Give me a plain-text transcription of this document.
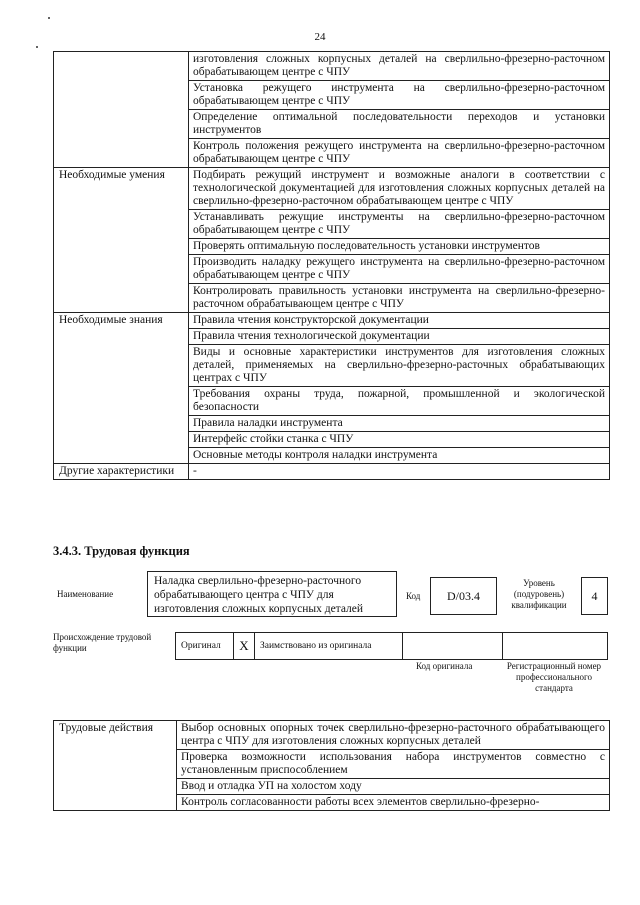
24
	изготовления сложных корпусных деталей на сверлильно-фрезерно-расточном обрабатывающем центре с ЧПУ
	Установка режущего инструмента на сверлильно-фрезерно-расточном обрабатывающем центре с ЧПУ
	Определение оптимальной последовательности переходов и установки инструментов
	Контроль положения режущего инструмента на сверлильно-фрезерно-расточном обрабатывающем центре с ЧПУ
Необходимые умения	Подбирать режущий инструмент и возможные аналоги в соответствии с технологической документацией для изготовления сложных корпусных деталей на сверлильно-фрезерно-расточном обрабатывающем центре с ЧПУ
	Устанавливать режущие инструменты на сверлильно-фрезерно-расточном обрабатывающем центре с ЧПУ
	Проверять оптимальную последовательность установки инструментов
	Производить наладку режущего инструмента на сверлильно-фрезерно-расточном обрабатывающем центре с ЧПУ
	Контролировать правильность установки инструмента на сверлильно-фрезерно-расточном обрабатывающем центре с ЧПУ
Необходимые знания	Правила чтения конструкторской документации
	Правила чтения технологической документации
	Виды и основные характеристики инструментов для изготовления сложных деталей, применяемых на сверлильно-фрезерно-расточных обрабатывающих центрах с ЧПУ
	Требования охраны труда, пожарной, промышленной и экологической безопасности
	Правила наладки инструмента
	Интерфейс стойки станка с ЧПУ
	Основные методы контроля наладки инструмента
Другие характеристики	-
3.4.3. Трудовая функция
Наименование
Наладка сверлильно-фрезерно-расточного обрабатывающего центра с ЧПУ для изготовления сложных корпусных деталей
Код	D/03.4
Уровень (подуровень) квалификации
4
Происхождение трудовой функции	Оригинал	X	Заимствовано из оригинала
Код оригинала	Регистрационный номер профессионального стандарта
Трудовые действия	Выбор основных опорных точек сверлильно-фрезерно-расточного обрабатывающего центра с ЧПУ для изготовления сложных корпусных деталей
Проверка возможности использования набора инструментов совместно с установленным приспособлением
Ввод и отладка УП на холостом ходу
Контроль согласованности работы всех элементов сверлильно-фрезерно-
